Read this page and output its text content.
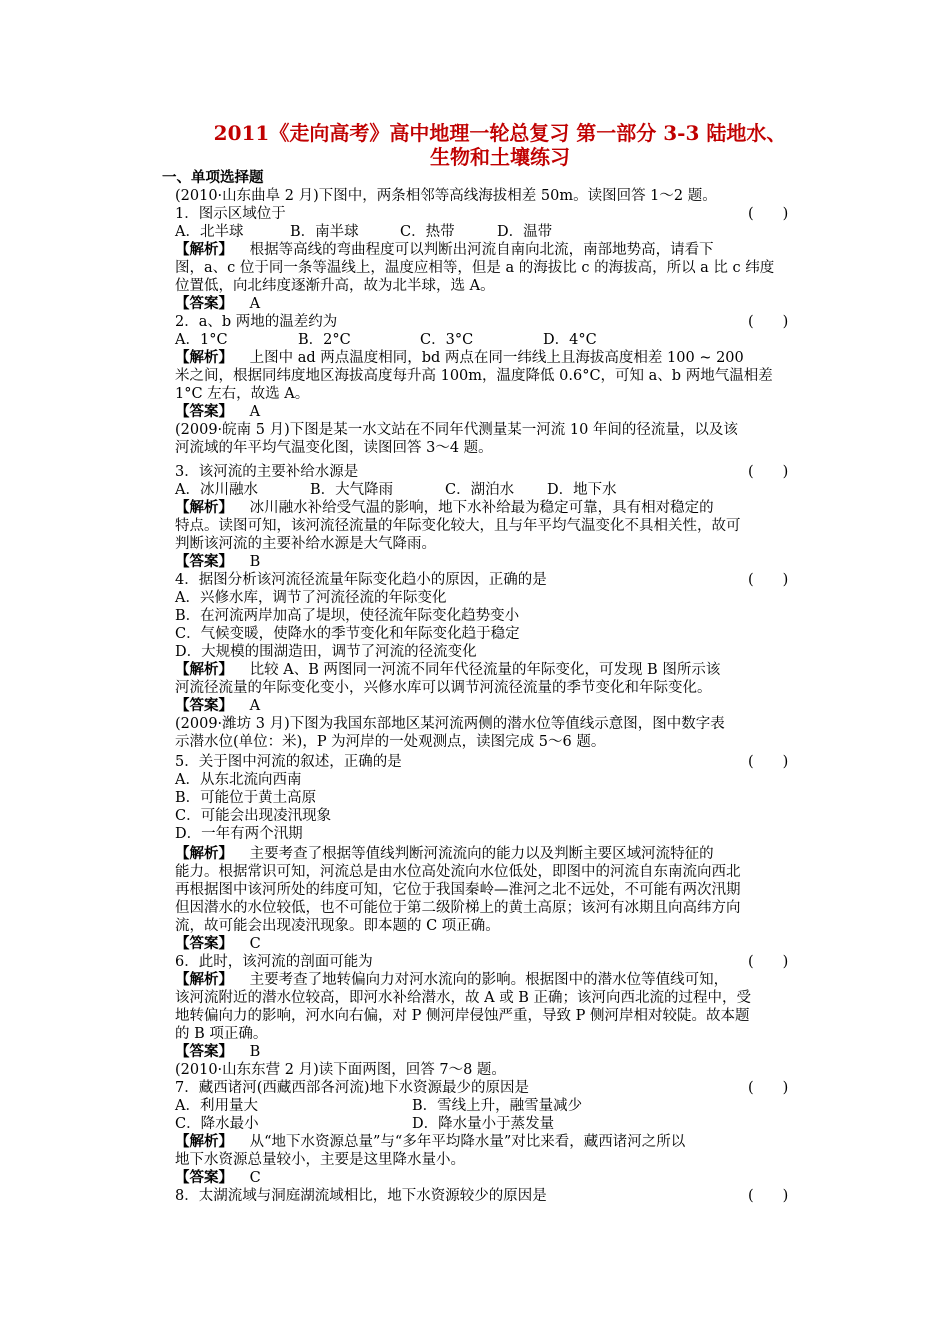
2011《走向高考》高中地理一轮总复习 第一部分 3-3 陆地水、
生物和土壤练习
一、单项选择题
(2010·山东曲阜 2 月)下图中，两条相邻等高线海拔相差 50m。读图回答 1～2 题。
1．图示区域位于	(　　)
A．北半球	B．南半球	C．热带	D．温带
【解析】 根据等高线的弯曲程度可以判断出河流自南向北流，南部地势高，请看下
图，a、c 位于同一条等温线上，温度应相等，但是 a 的海拔比 c 的海拔高，所以 a 比 c 纬度
位置低，向北纬度逐渐升高，故为北半球，选 A。
【答案】 A
2．a、b 两地的温差约为	(　　)
A．1°C	B．2°C	C．3°C	D．4°C
【解析】 上图中 ad 两点温度相同，bd 两点在同一纬线上且海拔高度相差 100 ~ 200
米之间，根据同纬度地区海拔高度每升高 100m，温度降低 0.6°C，可知 a、b 两地气温相差
1°C 左右，故选 A。
【答案】 A
(2009·皖南 5 月)下图是某一水文站在不同年代测量某一河流 10 年间的径流量，以及该
河流域的年平均气温变化图，读图回答 3～4 题。
3．该河流的主要补给水源是	(　　)
A．冰川融水	B．大气降雨	C．湖泊水 D．地下水
【解析】 冰川融水补给受气温的影响，地下水补给最为稳定可靠，具有相对稳定的
特点。读图可知，该河流径流量的年际变化较大，且与年平均气温变化不具相关性，故可
判断该河流的主要补给水源是大气降雨。
【答案】 B
4．据图分析该河流径流量年际变化趋小的原因，正确的是	(　　)
A．兴修水库，调节了河流径流的年际变化
B．在河流两岸加高了堤坝，使径流年际变化趋势变小
C．气候变暖，使降水的季节变化和年际变化趋于稳定
D．大规模的围湖造田，调节了河流的径流变化
【解析】 比较 A、B 两图同一河流不同年代径流量的年际变化，可发现 B 图所示该
河流径流量的年际变化变小，兴修水库可以调节河流径流量的季节变化和年际变化。
【答案】 A
(2009·潍坊 3 月)下图为我国东部地区某河流两侧的潜水位等值线示意图，图中数字表
示潜水位(单位：米)，P 为河岸的一处观测点，读图完成 5～6 题。
5．关于图中河流的叙述，正确的是	(　　)
A．从东北流向西南
B．可能位于黄土高原
C．可能会出现凌汛现象
D．一年有两个汛期
【解析】 主要考查了根据等值线判断河流流向的能力以及判断主要区域河流特征的
能力。根据常识可知，河流总是由水位高处流向水位低处，即图中的河流自东南流向西北
再根据图中该河所处的纬度可知，它位于我国秦岭—淮河之北不远处，不可能有两次汛期
但因潜水的水位较低，也不可能位于第二级阶梯上的黄土高原；该河有冰期且向高纬方向
流，故可能会出现凌汛现象。即本题的 C 项正确。
【答案】 C
6．此时，该河流的剖面可能为	(　　)
【解析】 主要考查了地转偏向力对河水流向的影响。根据图中的潜水位等值线可知，
该河流附近的潜水位较高，即河水补给潜水，故 A 或 B 正确；该河向西北流的过程中，受
地转偏向力的影响，河水向右偏，对 P 侧河岸侵蚀严重，导致 P 侧河岸相对较陡。故本题
的 B 项正确。
【答案】 B
(2010·山东东营 2 月)读下面两图，回答 7～8 题。
7．藏西诸河(西藏西部各河流)地下水资源最少的原因是	(　　)
A．利用量大	B．雪线上升，融雪量减少
C．降水最小	D．降水量小于蒸发量
【解析】 从“地下水资源总量”与“多年平均降水量”对比来看，藏西诸河之所以
地下水资源总量较小，主要是这里降水量小。
【答案】 C
8．太湖流域与洞庭湖流域相比，地下水资源较少的原因是	(　　)
